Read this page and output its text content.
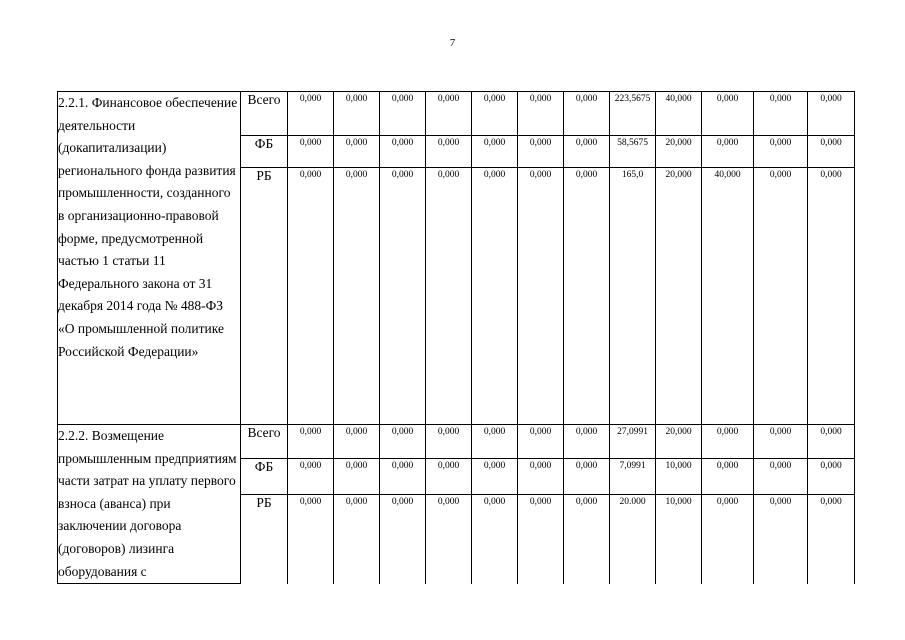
7
2.2.1. Финансовое обеспечение деятельности (докапитализации) регионального фонда развития промышленности, созданного в организационно-правовой форме, предусмотренной частью 1 статьи 11 Федерального закона от 31 декабря 2014 года № 488-ФЗ «О промышленной политике Российской Федерации»	Всего	0,000	0,000	0,000	0,000	0,000	0,000	0,000	223,5675	40,000	0,000	0,000	0,000
	ФБ	0,000	0,000	0,000	0,000	0,000	0,000	0,000	58,5675	20,000	0,000	0,000	0,000
	РБ	0,000	0,000	0,000	0,000	0,000	0,000	0,000	165,0	20,000	40,000	0,000	0,000
2.2.2. Возмещение промышленным предприятиям части затрат на уплату первого взноса (аванса) при заключении договора (договоров) лизинга оборудования с	Всего	0,000	0,000	0,000	0,000	0,000	0,000	0,000	27,0991	20,000	0,000	0,000	0,000
	ФБ	0,000	0,000	0,000	0,000	0,000	0,000	0,000	7,0991	10,000	0,000	0,000	0,000
	РБ	0,000	0,000	0,000	0,000	0,000	0,000	0,000	20.000	10,000	0,000	0,000	0,000
